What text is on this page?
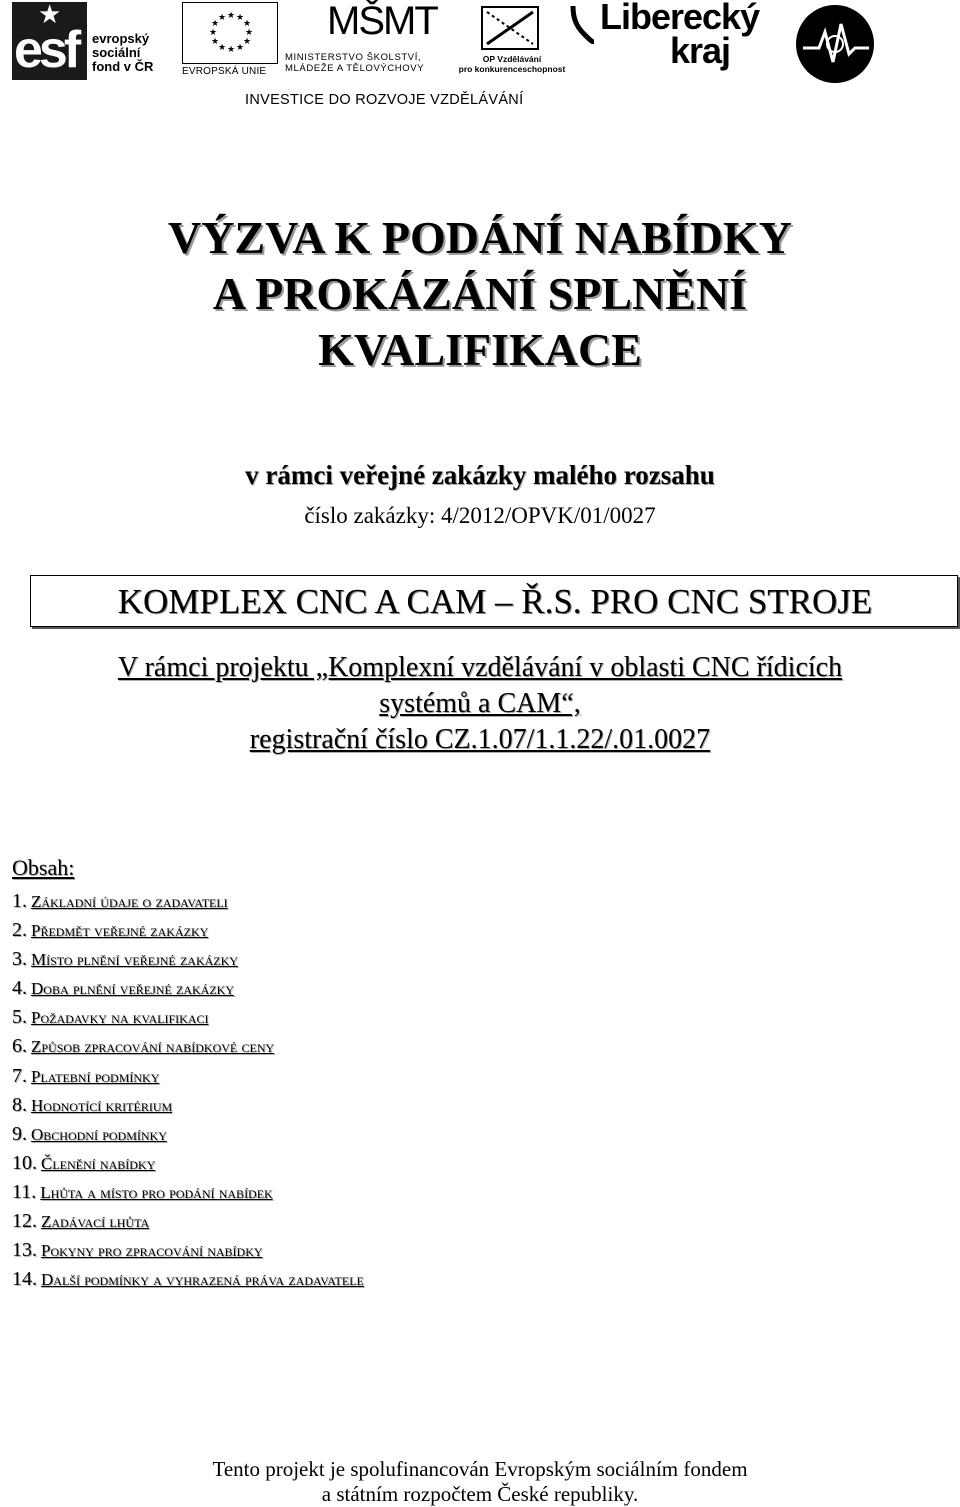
★
esf evropský
sociální
fond v ČR
★ ★
★
★
★
★
★
★
★
★
★
★
EVROPSKÁ UNIE
MŠMT
MINISTERSTVO ŠKOLSTVÍ,
MLÁDEŽE A TĚLOVÝCHOVY
OP Vzdělávání
pro konkurenceschopnost
Liberecký
kraj
INVESTICE DO ROZVOJE VZDĚLÁVÁNÍ
VÝZVA K PODÁNÍ NABÍDKY
A PROKÁZÁNÍ SPLNĚNÍ
KVALIFIKACE
v rámci veřejné zakázky malého rozsahu
číslo zakázky: 4/2012/OPVK/01/0027
KOMPLEX CNC A CAM – Ř.S. PRO CNC STROJE
V rámci projektu „Komplexní vzdělávání v oblasti CNC řídicích
systémů a CAM“,
registrační číslo CZ.1.07/1.1.22/.01.0027
Obsah:
1. Základní údaje o zadavateli
2. Předmět veřejné zakázky
3. Místo plnění veřejné zakázky
4. Doba plnění veřejné zakázky
5. Požadavky na kvalifikaci
6. Způsob zpracování nabídkové ceny
7. Platební podmínky
8. Hodnotící kritérium
9. Obchodní podmínky
10. Členění nabídky
11. Lhůta a místo pro podání nabídek
12. Zadávací lhůta
13. Pokyny pro zpracování nabídky
14. Další podmínky a vyhrazená práva zadavatele
Tento projekt je spolufinancován Evropským sociálním fondem
a státním rozpočtem České republiky.
